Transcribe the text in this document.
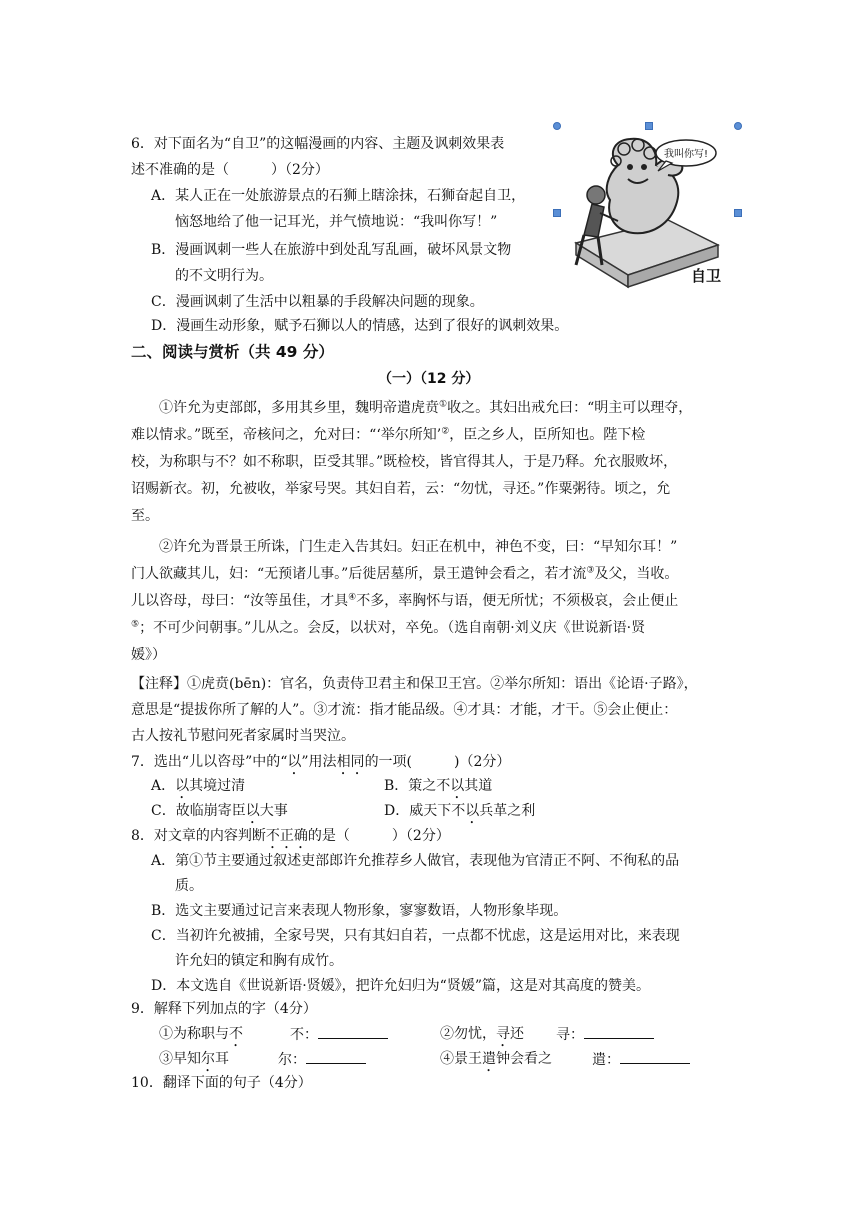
6．对下面名为“自卫”的这幅漫画的内容、主题及讽刺效果表
述不准确的是（　　　）（2分）
A．某人正在一处旅游景点的石狮上瞎涂抹，石狮奋起自卫，
恼怒地给了他一记耳光，并气愤地说：“我叫你写！”
B．漫画讽刺一些人在旅游中到处乱写乱画，破坏风景文物
的不文明行为。
C．漫画讽刺了生活中以粗暴的手段解决问题的现象。
D．漫画生动形象，赋予石狮以人的情感，达到了很好的讽刺效果。
我叫你写!
自卫
二、阅读与赏析（共 49 分）
（一）（12 分）
①许允为吏部郎，多用其乡里，魏明帝遣虎贲①收之。其妇出戒允曰：“明主可以理夺，
难以情求。”既至，帝核问之，允对曰：“‘举尔所知’②，臣之乡人，臣所知也。陛下检
校，为称职与不？如不称职，臣受其罪。”既检校，皆官得其人，于是乃释。允衣服败坏，
诏赐新衣。初，允被收，举家号哭。其妇自若，云：“勿忧，寻还。”作粟粥待。顷之，允
至。
②许允为晋景王所诛，门生走入告其妇。妇正在机中，神色不变，曰：“早知尔耳！”
门人欲藏其儿，妇：“无预诸儿事。”后徙居墓所，景王遣钟会看之，若才流③及父，当收。
儿以咨母，母曰：“汝等虽佳，才具④不多，率胸怀与语，便无所忧；不须极哀，会止便止
⑤；不可少问朝事。”儿从之。会反，以状对，卒免。（选自南朝·刘义庆《世说新语·贤
媛》）
【注释】①虎贲(bēn)：官名，负责侍卫君主和保卫王宫。②举尔所知：语出《论语·子路》，
意思是“提拔你所了解的人”。③才流：指才能品级。④才具：才能，才干。⑤会止便止：
古人按礼节慰问死者家属时当哭泣。
7．选出“儿以咨母”中的“以”用法相同的一项(　　　)（2分）
A．以其境过清	B．策之不以其道
C．故临崩寄臣以大事	D．威天下不以兵革之利
8．对文章的内容判断不正确的是（　　　）（2分）
A．第①节主要通过叙述吏部郎许允推荐乡人做官，表现他为官清正不阿、不徇私的品
质。
B．选文主要通过记言来表现人物形象，寥寥数语，人物形象毕现。
C．当初许允被捕，全家号哭，只有其妇自若，一点都不忧虑，这是运用对比，来表现
许允妇的镇定和胸有成竹。
D．本文选自《世说新语·贤媛》，把许允妇归为“贤媛”篇，这是对其高度的赞美。
9．解释下列加点的字（4分）
①为称职与不	不：	②勿忧，寻还 寻：
③早知尔耳	尔：	④景王遣钟会看之	遣：
10．翻译下面的句子（4分）
